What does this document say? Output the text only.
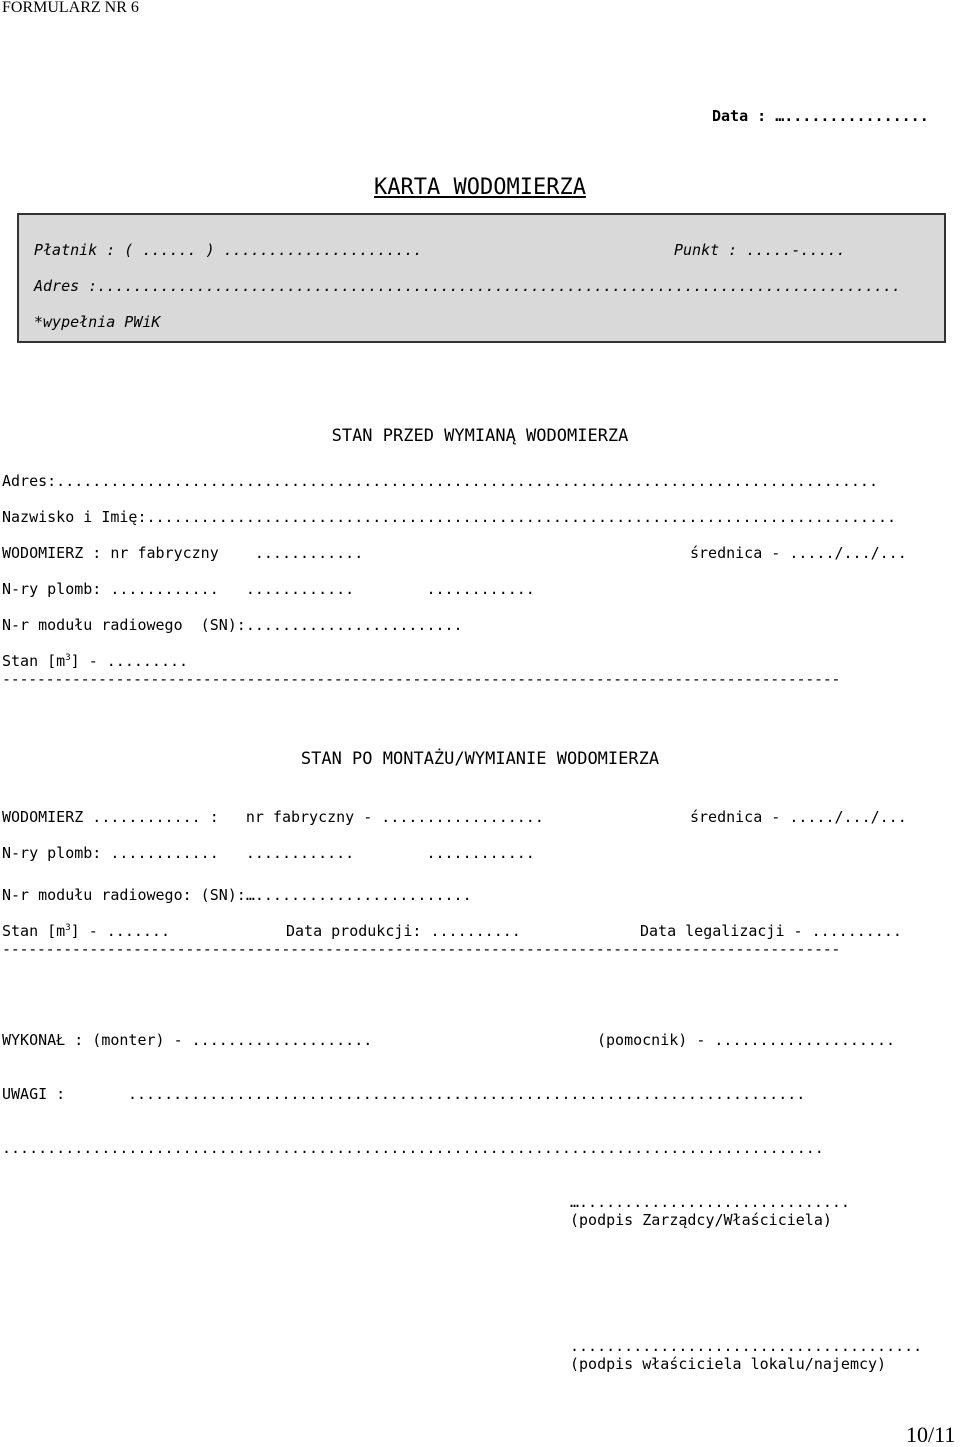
FORMULARZ NR 6
Data : …................
KARTA WODOMIERZA
Płatnik : ( ...... ) ......................	Punkt : .....-.....
Adres :.........................................................................................
*wypełnia PWiK
STAN PRZED WYMIANĄ WODOMIERZA
Adres:...........................................................................................
Nazwisko i Imię:...................................................................................
WODOMIERZ : nr fabryczny    ............	średnica - ...../.../...
N-ry plomb: ............   ............        ............
N-r modułu radiowego  (SN):........................
Stan $[m^3]$ - .........
------------------------------------------------------------------------------------------------
STAN PO MONTAŻU/WYMIANIE WODOMIERZA
WODOMIERZ ............ :   nr fabryczny - ..................	średnica - ...../.../...
N-ry plomb: ............   ............        ............
N-r modułu radiowego: (SN):…........................
Stan $[m^3]$ - .......	Data produkcji: ..........	Data legalizacji - ..........
------------------------------------------------------------------------------------------------
WYKONAŁ : (monter) - ....................	(pomocnik) - ....................
UWAGI :	...........................................................................
...........................................................................................
…..............................
(podpis Zarządcy/Właściciela)
.......................................
(podpis właściciela lokalu/najemcy)
10/11
